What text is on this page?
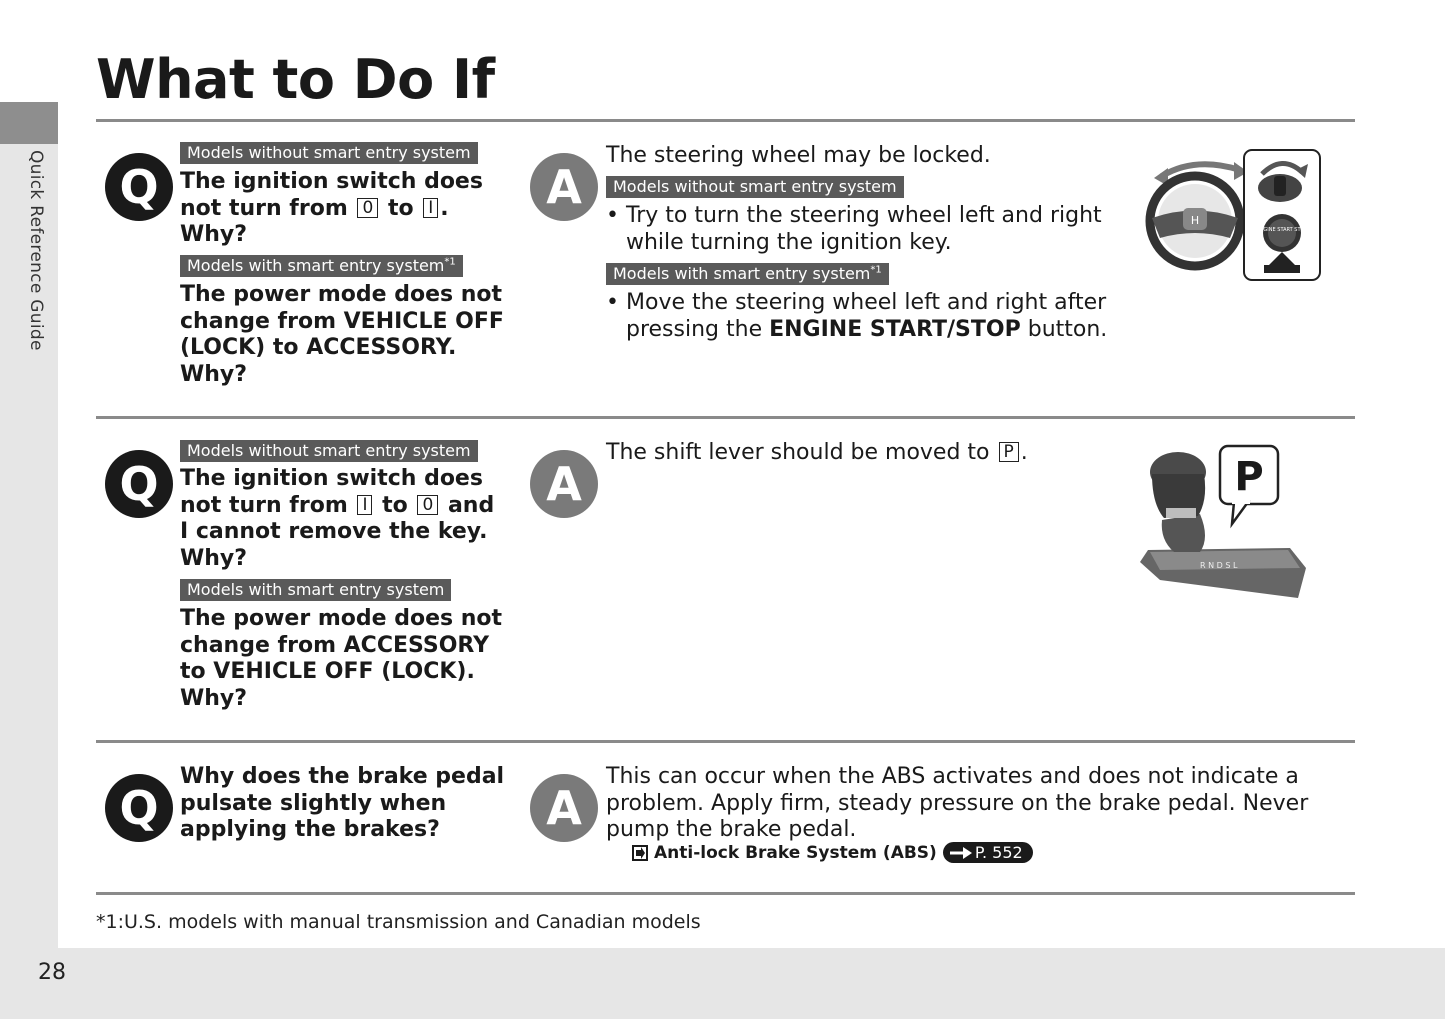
Quick Reference Guide
28
What to Do If
Q
Models without smart entry system
The ignition switch does
not turn from 0 to I .
Why?
Models with smart entry system$^{*1}$
The power mode does not
change from VEHICLE OFF
(LOCK) to ACCESSORY.
Why?
A
The steering wheel may be locked.
Models without smart entry system
• Try to turn the steering wheel left and right
while turning the ignition key.
Models with smart entry system$^{*1}$
• Move the steering wheel left and right after
pressing the ENGINE START/STOP button.
H
ENGINE START STOP
Q
Models without smart entry system
The ignition switch does
not turn from I to 0 and
I cannot remove the key.
Why?
Models with smart entry system
The power mode does not
change from ACCESSORY
to VEHICLE OFF (LOCK).
Why?
A
The shift lever should be moved to P .
P
R N D S L
Q
Why does the brake pedal
pulsate slightly when
applying the brakes?	A
This can occur when the ABS activates and does not indicate a
problem. Apply firm, steady pressure on the brake pedal. Never
pump the brake pedal.
Anti-lock Brake System (ABS) P. 552
*1:U.S. models with manual transmission and Canadian models
